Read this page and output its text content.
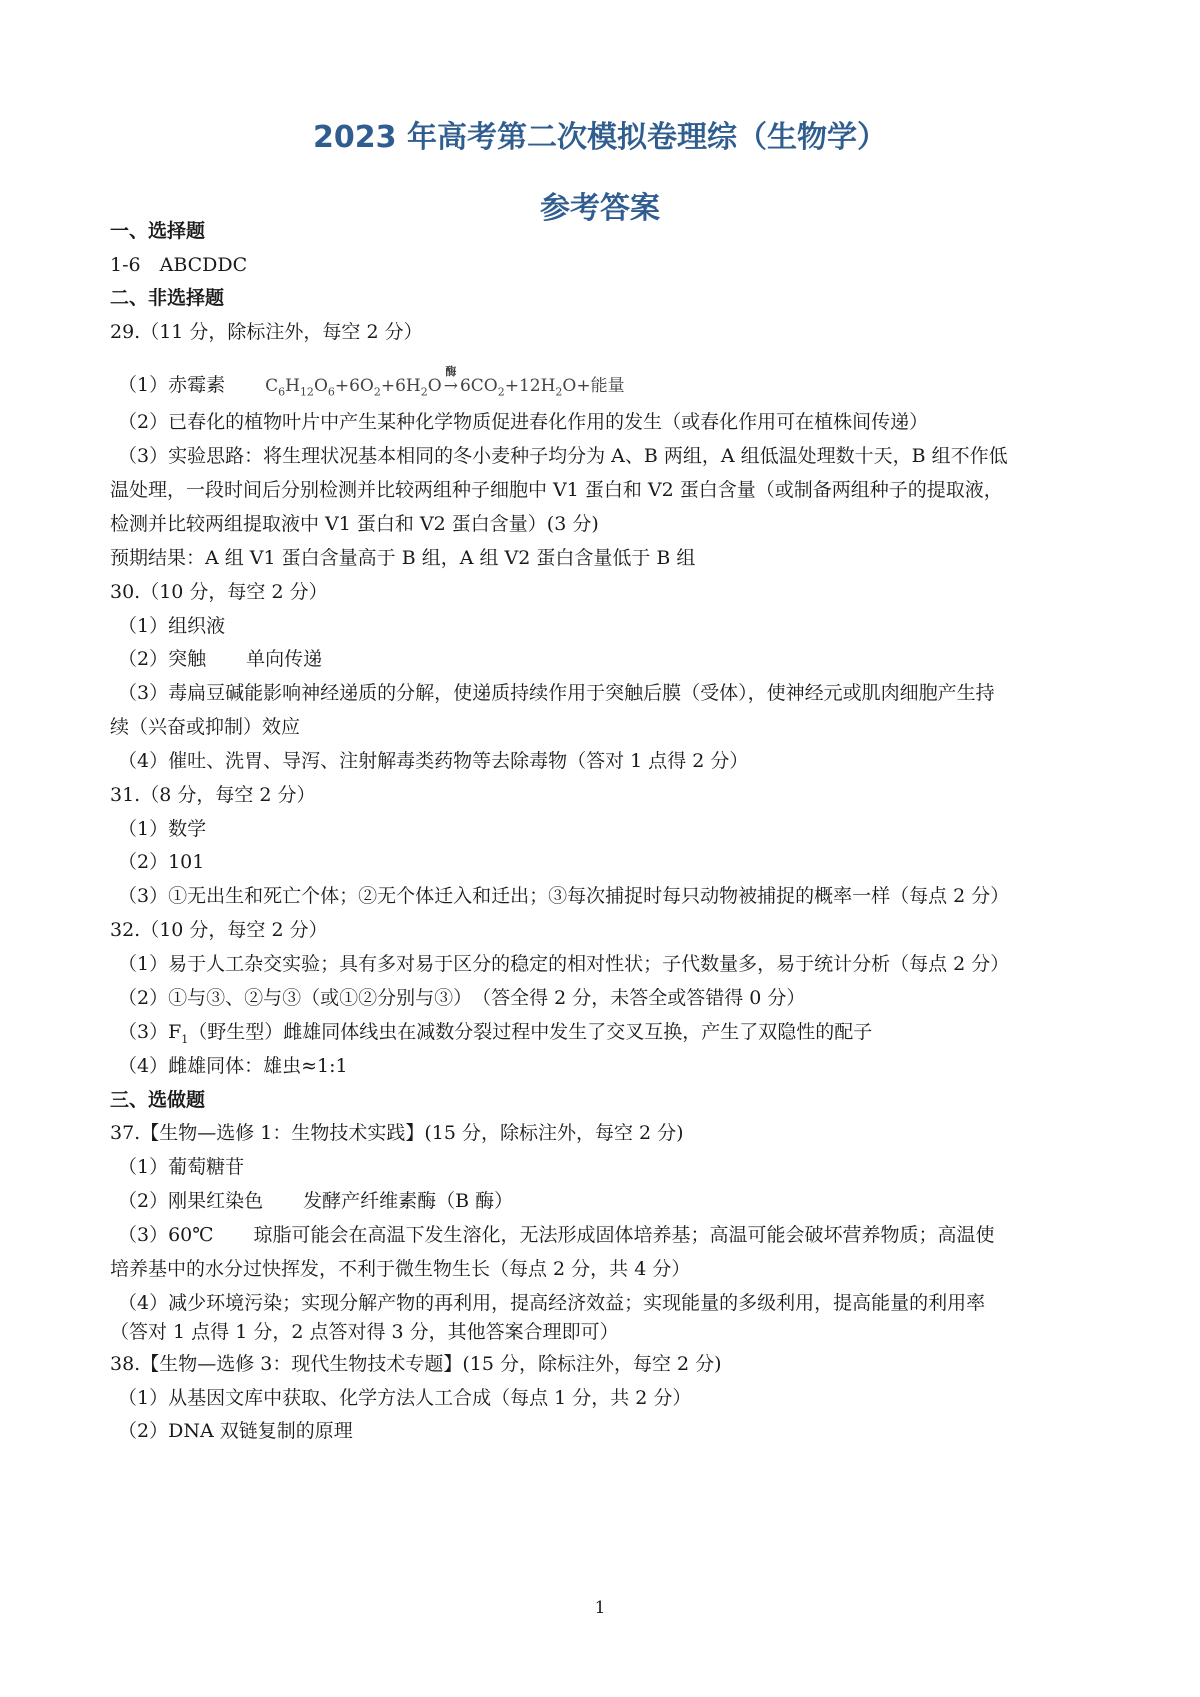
2023 年高考第二次模拟卷理综（生物学）
参考答案
一、选择题
1-6　ABCDDC
二、非选择题
29.（11 分，除标注外，每空 2 分）
（1）赤霉素 $C_6H_{12}O_6+6O_2+6H_2O$
酶
→ $6CO_2+12H_2O+$能量
（2）已春化的植物叶片中产生某种化学物质促进春化作用的发生（或春化作用可在植株间传递）
（3）实验思路：将生理状况基本相同的冬小麦种子均分为 A、B 两组，A 组低温处理数十天，B 组不作低
温处理，一段时间后分别检测并比较两组种子细胞中 V1 蛋白和 V2 蛋白含量（或制备两组种子的提取液，
检测并比较两组提取液中 V1 蛋白和 V2 蛋白含量）(3 分)
预期结果：A 组 V1 蛋白含量高于 B 组，A 组 V2 蛋白含量低于 B 组
30.（10 分，每空 2 分）
（1）组织液
（2）突触 单向传递
（3）毒扁豆碱能影响神经递质的分解，使递质持续作用于突触后膜（受体），使神经元或肌肉细胞产生持
续（兴奋或抑制）效应
（4）催吐、洗胃、导泻、注射解毒类药物等去除毒物（答对 1 点得 2 分）
31.（8 分，每空 2 分）
（1）数学
（2）101
（3）①无出生和死亡个体；②无个体迁入和迁出；③每次捕捉时每只动物被捕捉的概率一样（每点 2 分）
32.（10 分，每空 2 分）
（1）易于人工杂交实验；具有多对易于区分的稳定的相对性状；子代数量多，易于统计分析（每点 2 分）
（2）①与③、②与③（或①②分别与③）　（答全得 2 分，未答全或答错得 0 分）
$(3)F_1$（野生型）雌雄同体线虫在减数分裂过程中发生了交叉互换，产生了双隐性的配子
（4）雌雄同体：雄虫≈1:1
三、选做题
37.【生物—选修 1：生物技术实践】(15 分，除标注外，每空 2 分)
（1）葡萄糖苷
（2）刚果红染色 发酵产纤维素酶（B 酶）
（3）60℃ 琼脂可能会在高温下发生溶化，无法形成固体培养基；高温可能会破坏营养物质；高温使
培养基中的水分过快挥发，不利于微生物生长（每点 2 分，共 4 分）
（4）减少环境污染；实现分解产物的再利用，提高经济效益；实现能量的多级利用，提高能量的利用率
（答对 1 点得 1 分，2 点答对得 3 分，其他答案合理即可）
38.【生物—选修 3：现代生物技术专题】(15 分，除标注外，每空 2 分)
（1）从基因文库中获取、化学方法人工合成（每点 1 分，共 2 分）
（2）DNA 双链复制的原理
1
